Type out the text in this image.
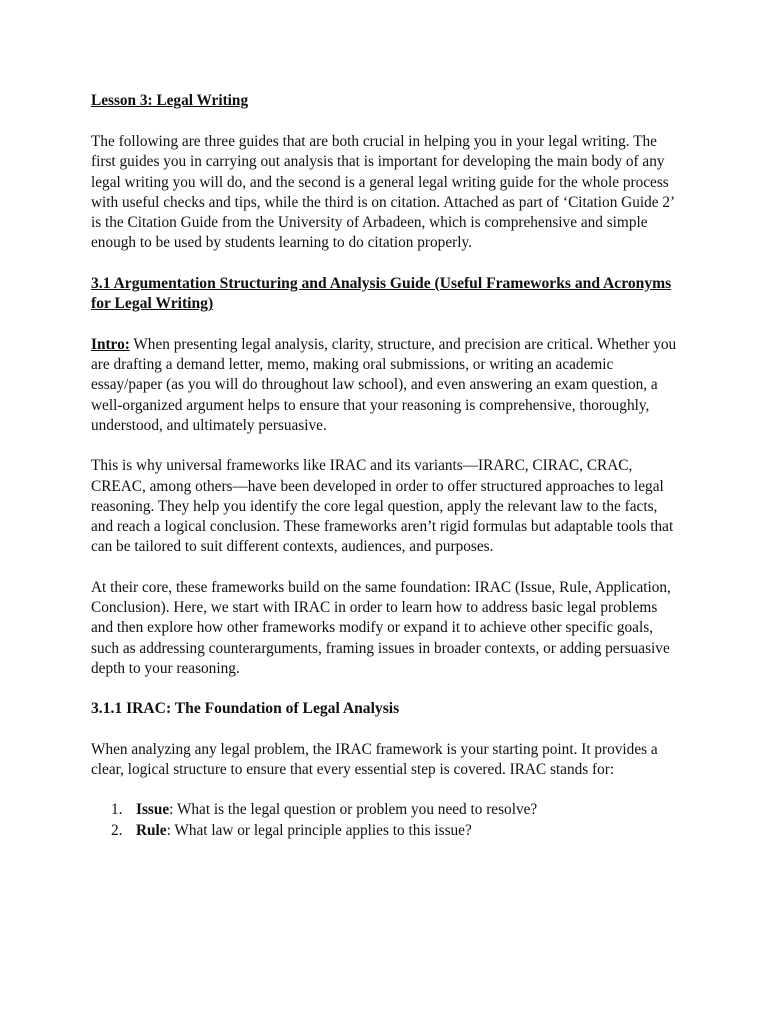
Lesson 3: Legal Writing

The following are three guides that are both crucial in helping you in your legal writing. The first guides you in carrying out analysis that is important for developing the main body of any legal writing you will do, and the second is a general legal writing guide for the whole process with useful checks and tips, while the third is on citation. Attached as part of ‘Citation Guide 2’ is the Citation Guide from the University of Arbadeen, which is comprehensive and simple enough to be used by students learning to do citation properly.

3.1 Argumentation Structuring and Analysis Guide (Useful Frameworks and Acronyms for Legal Writing)

Intro: When presenting legal analysis, clarity, structure, and precision are critical. Whether you are drafting a demand letter, memo, making oral submissions, or writing an academic essay/paper (as you will do throughout law school), and even answering an exam question, a well-organized argument helps to ensure that your reasoning is comprehensive, thoroughly, understood, and ultimately persuasive.

This is why universal frameworks like IRAC and its variants—IRARC, CIRAC, CRAC, CREAC, among others—have been developed in order to offer structured approaches to legal reasoning. They help you identify the core legal question, apply the relevant law to the facts, and reach a logical conclusion. These frameworks aren’t rigid formulas but adaptable tools that can be tailored to suit different contexts, audiences, and purposes.

At their core, these frameworks build on the same foundation: IRAC (Issue, Rule, Application, Conclusion). Here, we start with IRAC in order to learn how to address basic legal problems and then explore how other frameworks modify or expand it to achieve other specific goals, such as addressing counterarguments, framing issues in broader contexts, or adding persuasive depth to your reasoning.

3.1.1 IRAC: The Foundation of Legal Analysis

When analyzing any legal problem, the IRAC framework is your starting point. It provides a clear, logical structure to ensure that every essential step is covered. IRAC stands for:

1. Issue: What is the legal question or problem you need to resolve?
2. Rule: What law or legal principle applies to this issue?
